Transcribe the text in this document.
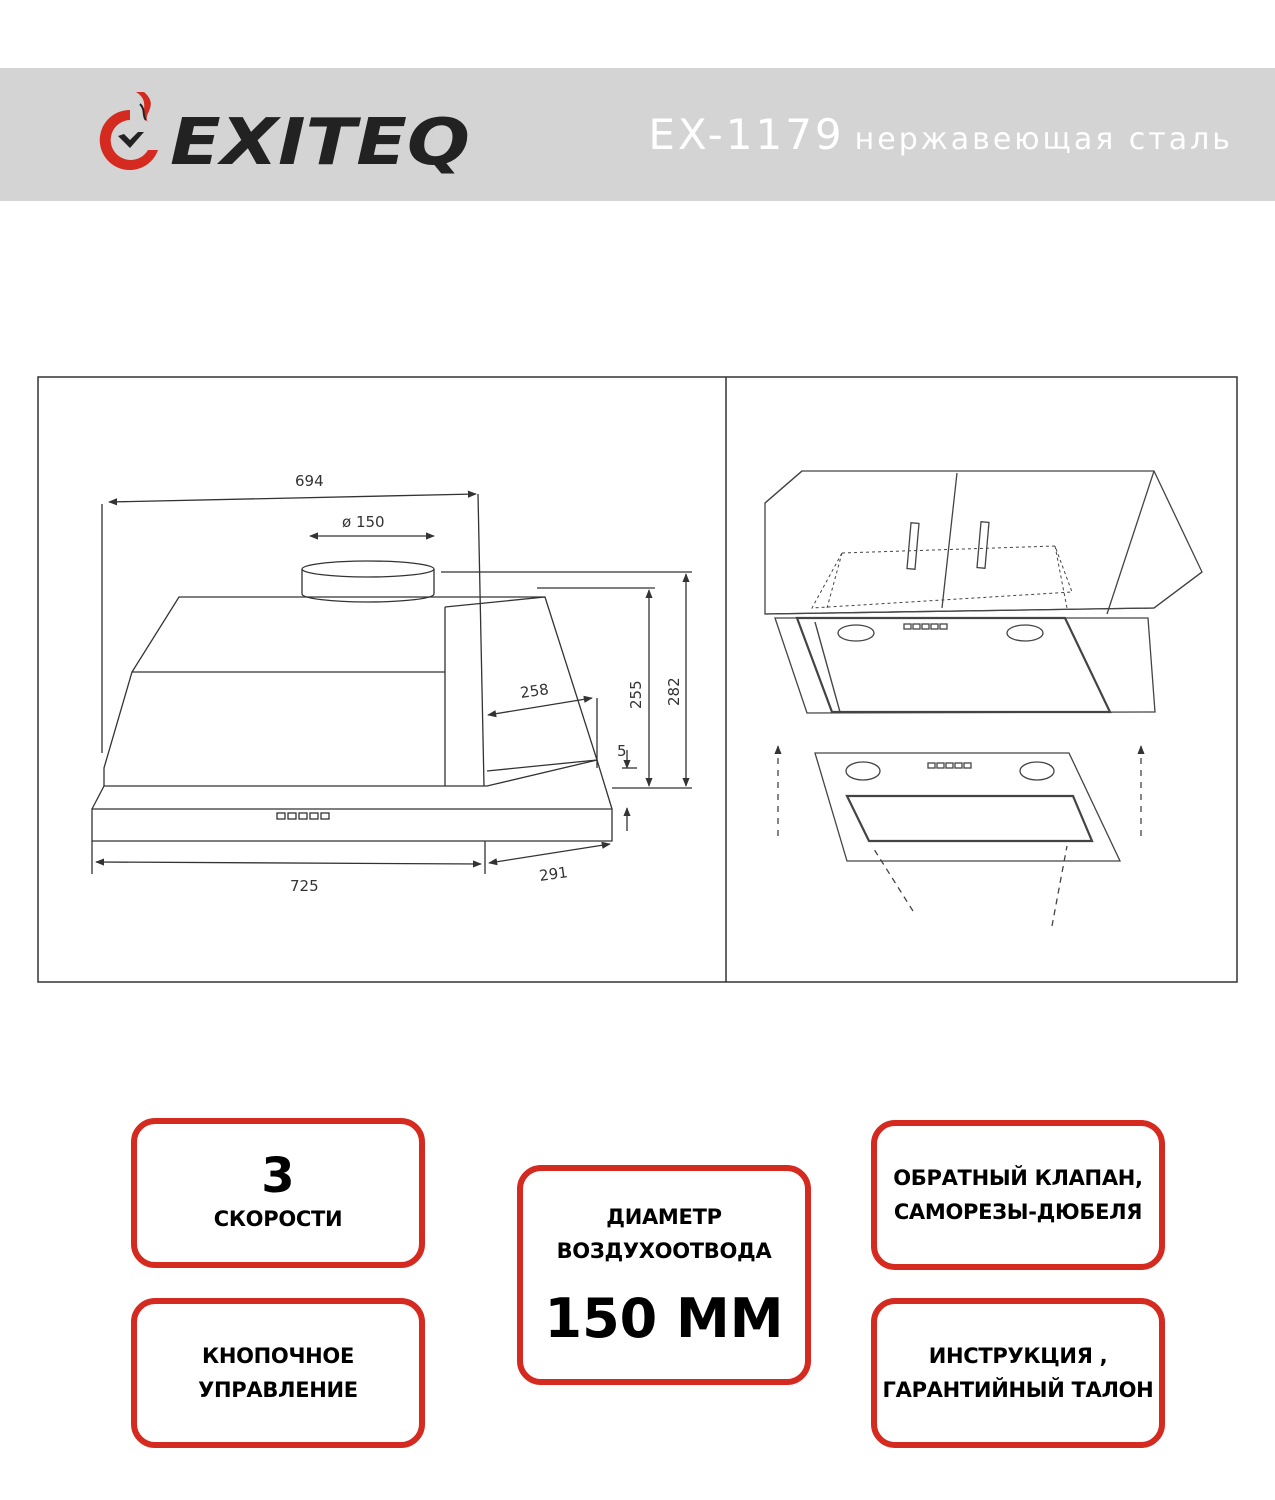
EXITEQ	EX-1179 нержавеющая сталь
694
ø 150
258	255 282
5
725
291
3
СКОРОСТИ
КНОПОЧНОЕ
УПРАВЛЕНИЕ
ДИАМЕТР
ВОЗДУХООТВОДА
150 ММ
ОБРАТНЫЙ КЛАПАН,
САМОРЕЗЫ-ДЮБЕЛЯ
ИНСТРУКЦИЯ ,
ГАРАНТИЙНЫЙ ТАЛОН
